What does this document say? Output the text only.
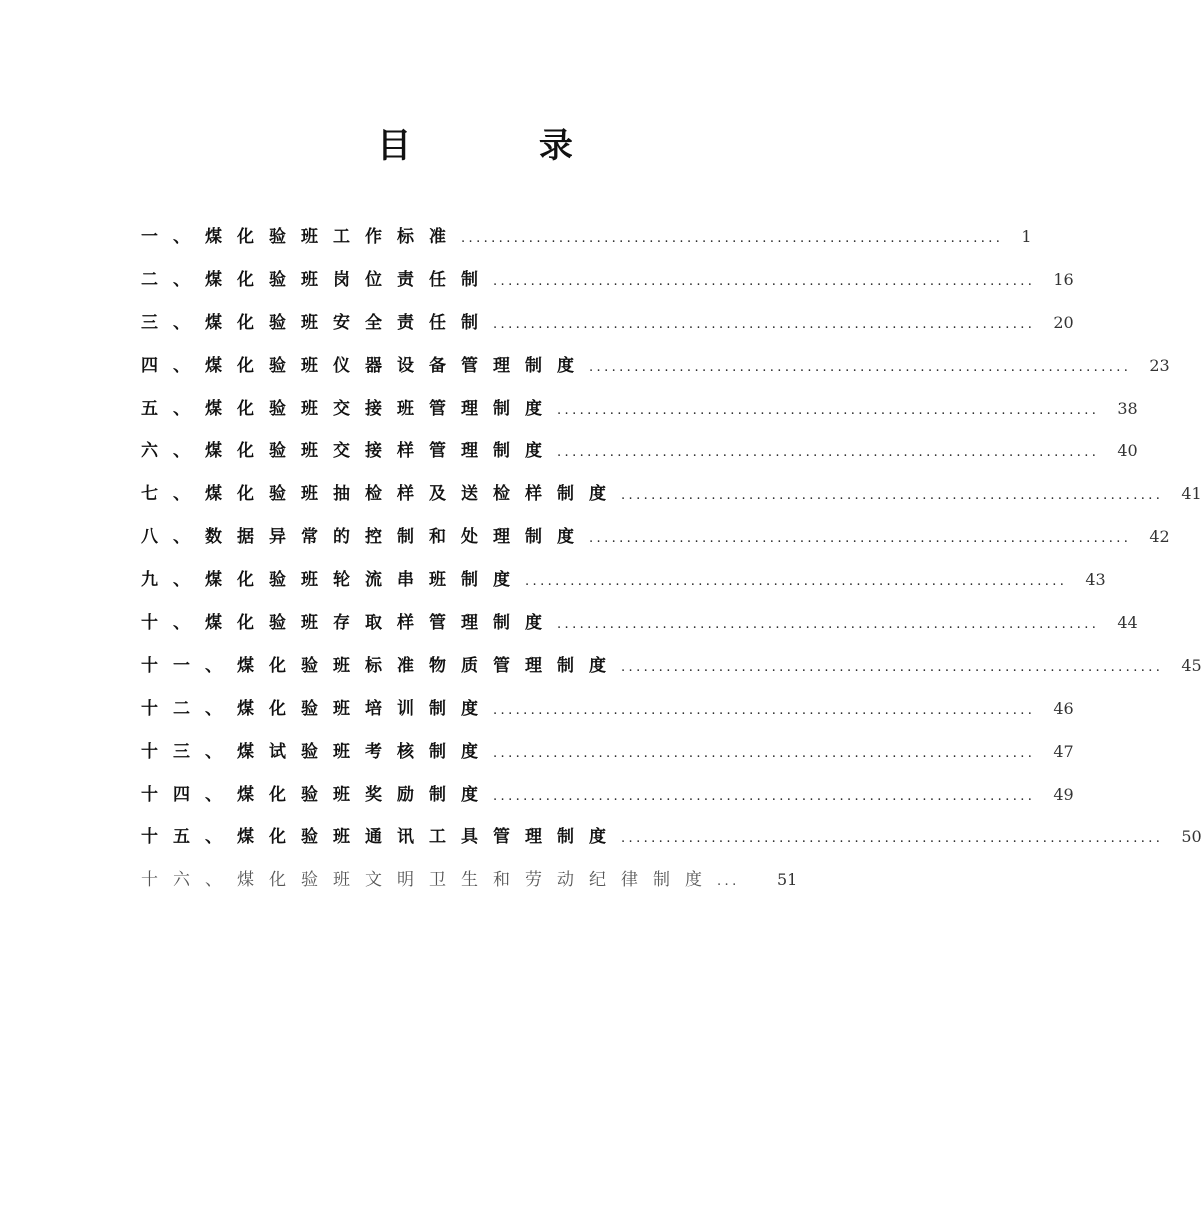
目 录
一、煤化验班工作标准 ........................................................................ 1
二、煤化验班岗位责任制 ........................................................................ 16
三、煤化验班安全责任制 ........................................................................ 20
四、煤化验班仪器设备管理制度 ........................................................................ 23
五、煤化验班交接班管理制度 ........................................................................ 38
六、煤化验班交接样管理制度 ........................................................................ 40
七、煤化验班抽检样及送检样制度 ........................................................................ 41
八、数据异常的控制和处理制度 ........................................................................ 42
九、煤化验班轮流串班制度 ........................................................................ 43
十、煤化验班存取样管理制度 ........................................................................ 44
十一、煤化验班标准物质管理制度 ........................................................................ 45
十二、煤化验班培训制度 ........................................................................ 46
十三、煤试验班考核制度 ........................................................................ 47
十四、煤化验班奖励制度 ........................................................................ 49
十五、煤化验班通讯工具管理制度 ........................................................................ 50
十六、煤化验班文明卫生和劳动纪律制度 ...	51
